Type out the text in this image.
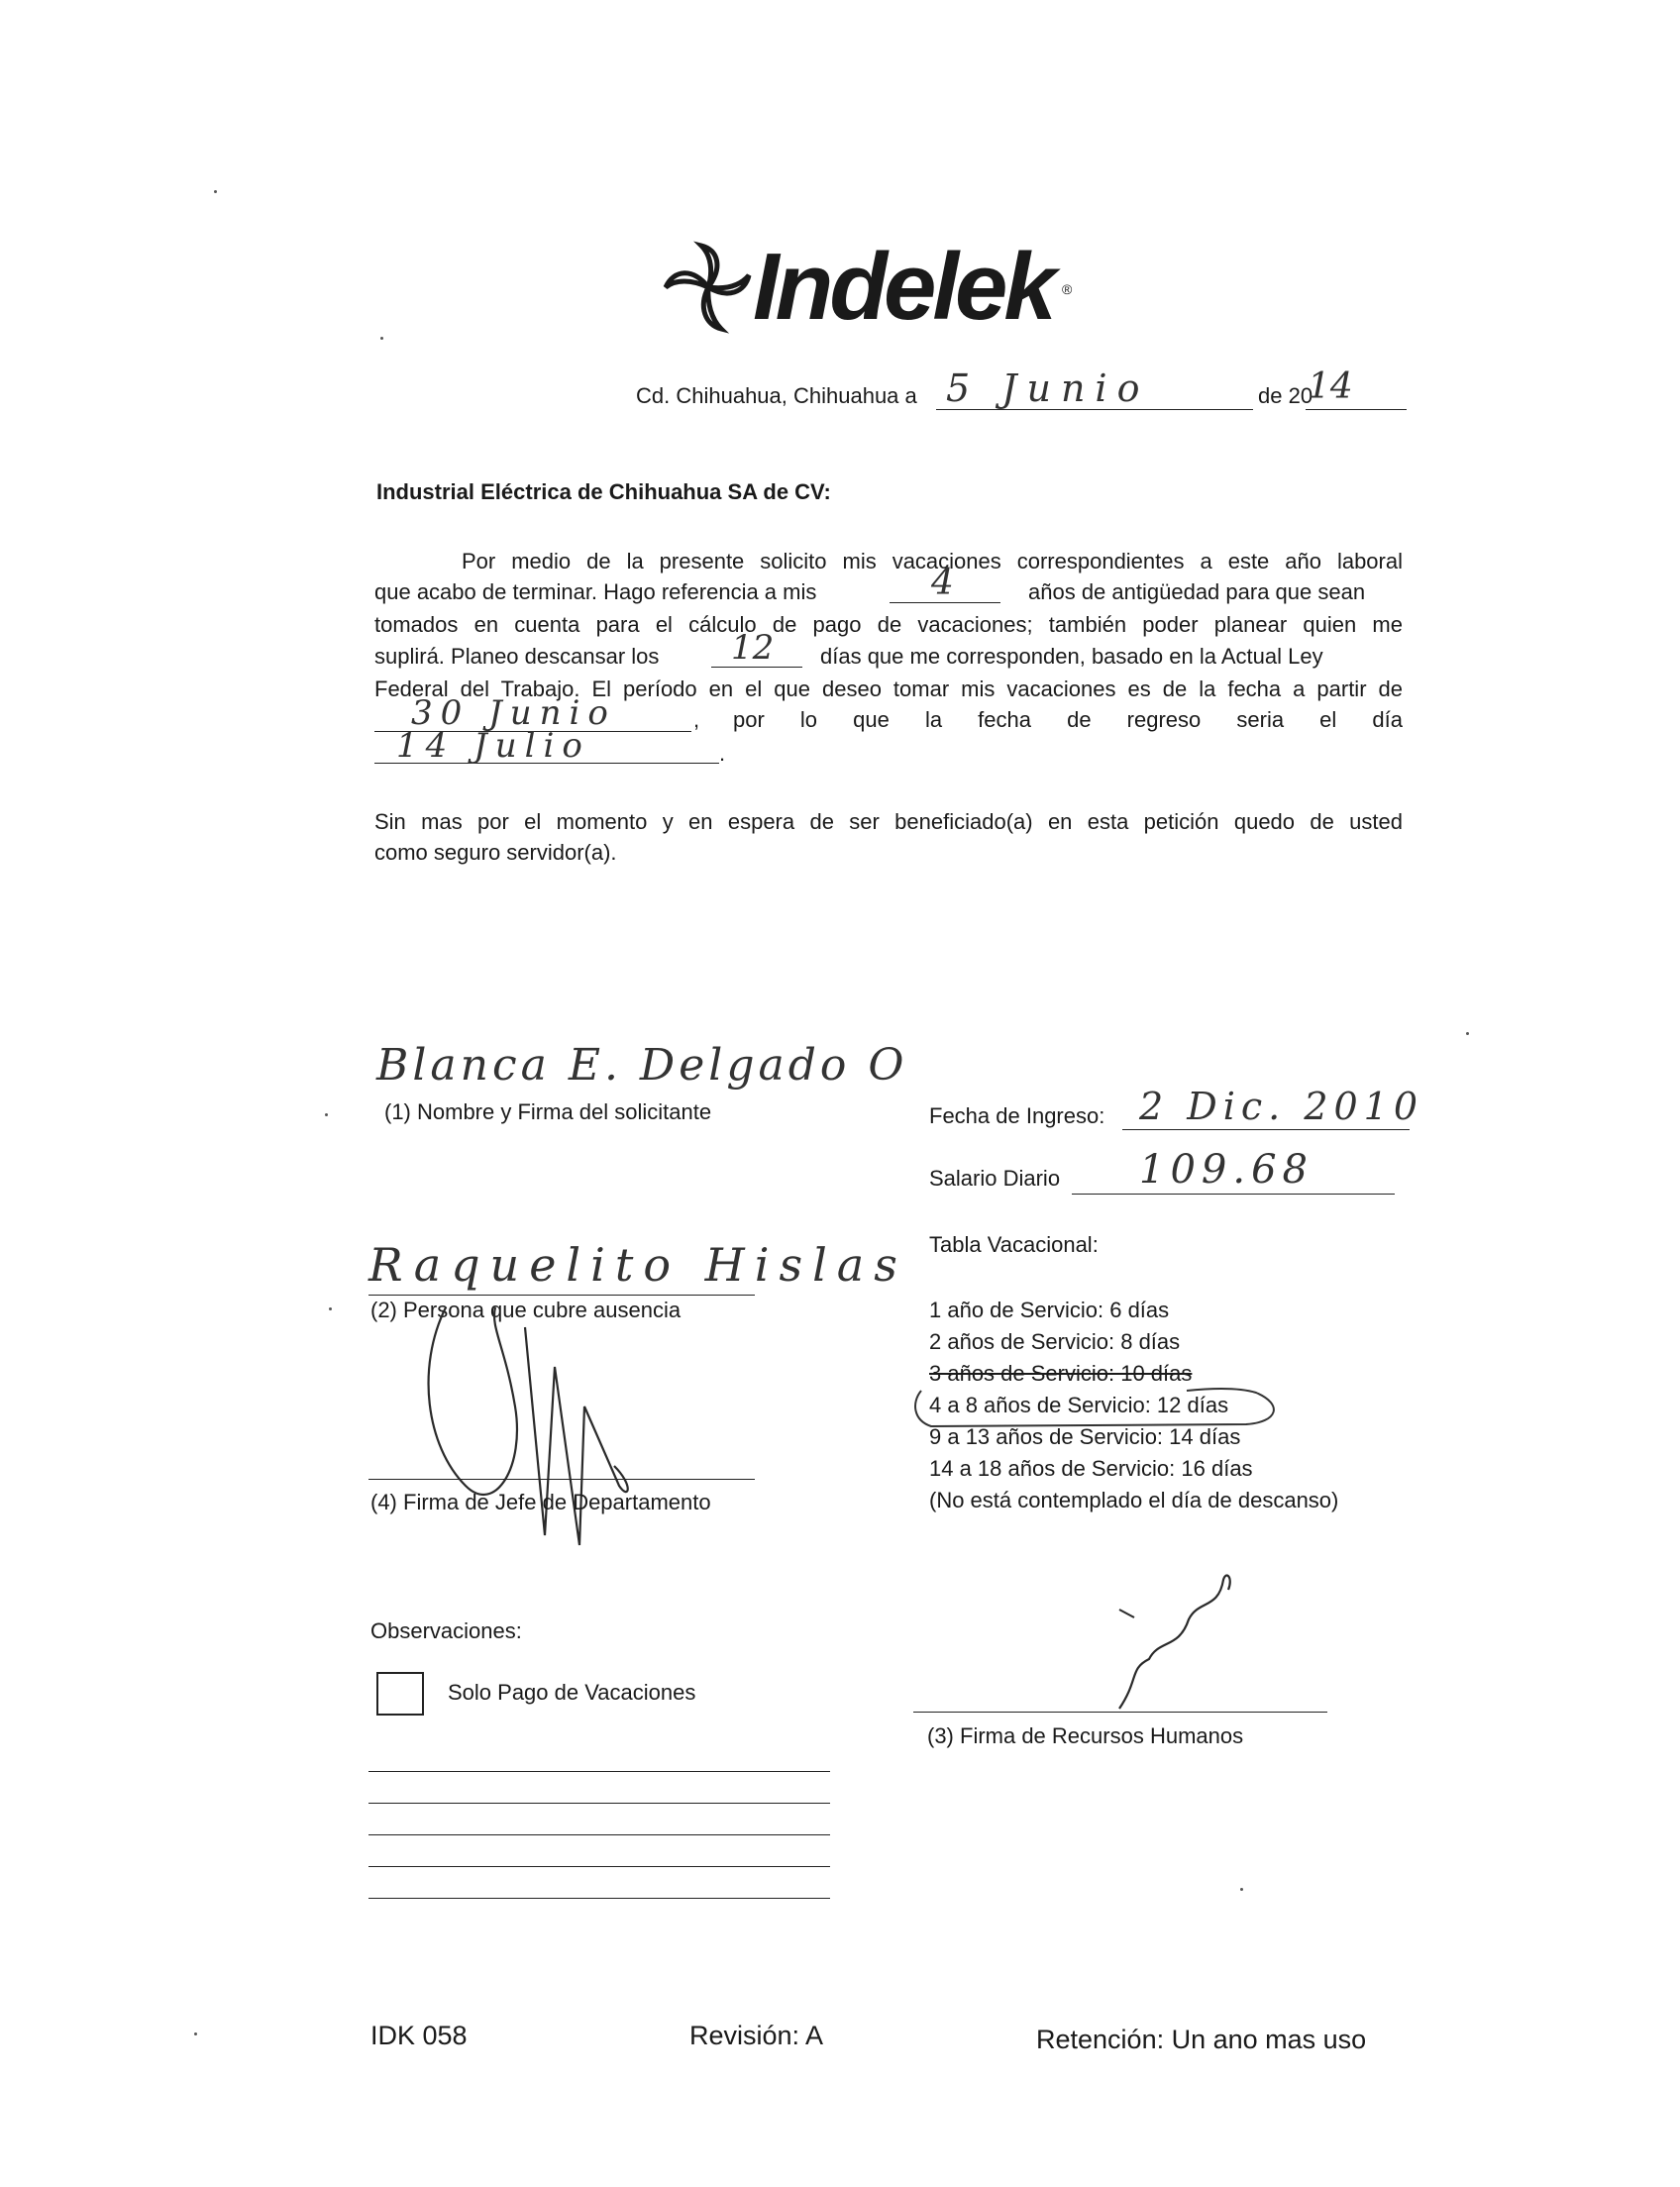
Indelek ®
Cd. Chihuahua, Chihuahua a 5 Junio	de 20
14
Industrial Eléctrica de Chihuahua SA de CV:
Por medio de la presente solicito mis vacaciones correspondientes a este año laboral
que acabo de terminar. Hago referencia a mis	4	años de antigüedad para que sean
tomados en cuenta para el cálculo de pago de vacaciones; también poder planear quien me
suplirá. Planeo descansar los 12 días que me corresponden, basado en la Actual Ley
Federal del Trabajo. El período en el que deseo tomar mis vacaciones es de la fecha a partir de
30 Junio	, por lo que la fecha de regreso seria el día
14 Julio	.
Sin mas por el momento y en espera de ser beneficiado(a) en esta petición quedo de usted
como seguro servidor(a).
Blanca E. Delgado O
(1) Nombre y Firma del solicitante	Fecha de Ingreso: 2 Dic. 2010
Salario Diario 109.68
Raquelito Hislas
(2) Persona que cubre ausencia
(4) Firma de Jefe de Departamento
Tabla Vacacional:
1 año de Servicio: 6 días
2 años de Servicio: 8 días
3 años de Servicio: 10 días
4 a 8 años de Servicio: 12 días
9 a 13 años de Servicio: 14 días
14 a 18 años de Servicio: 16 días
(No está contemplado el día de descanso)
(3) Firma de Recursos Humanos
Observaciones:
Solo Pago de Vacaciones
IDK 058	Revisión: A	Retención: Un ano mas uso
